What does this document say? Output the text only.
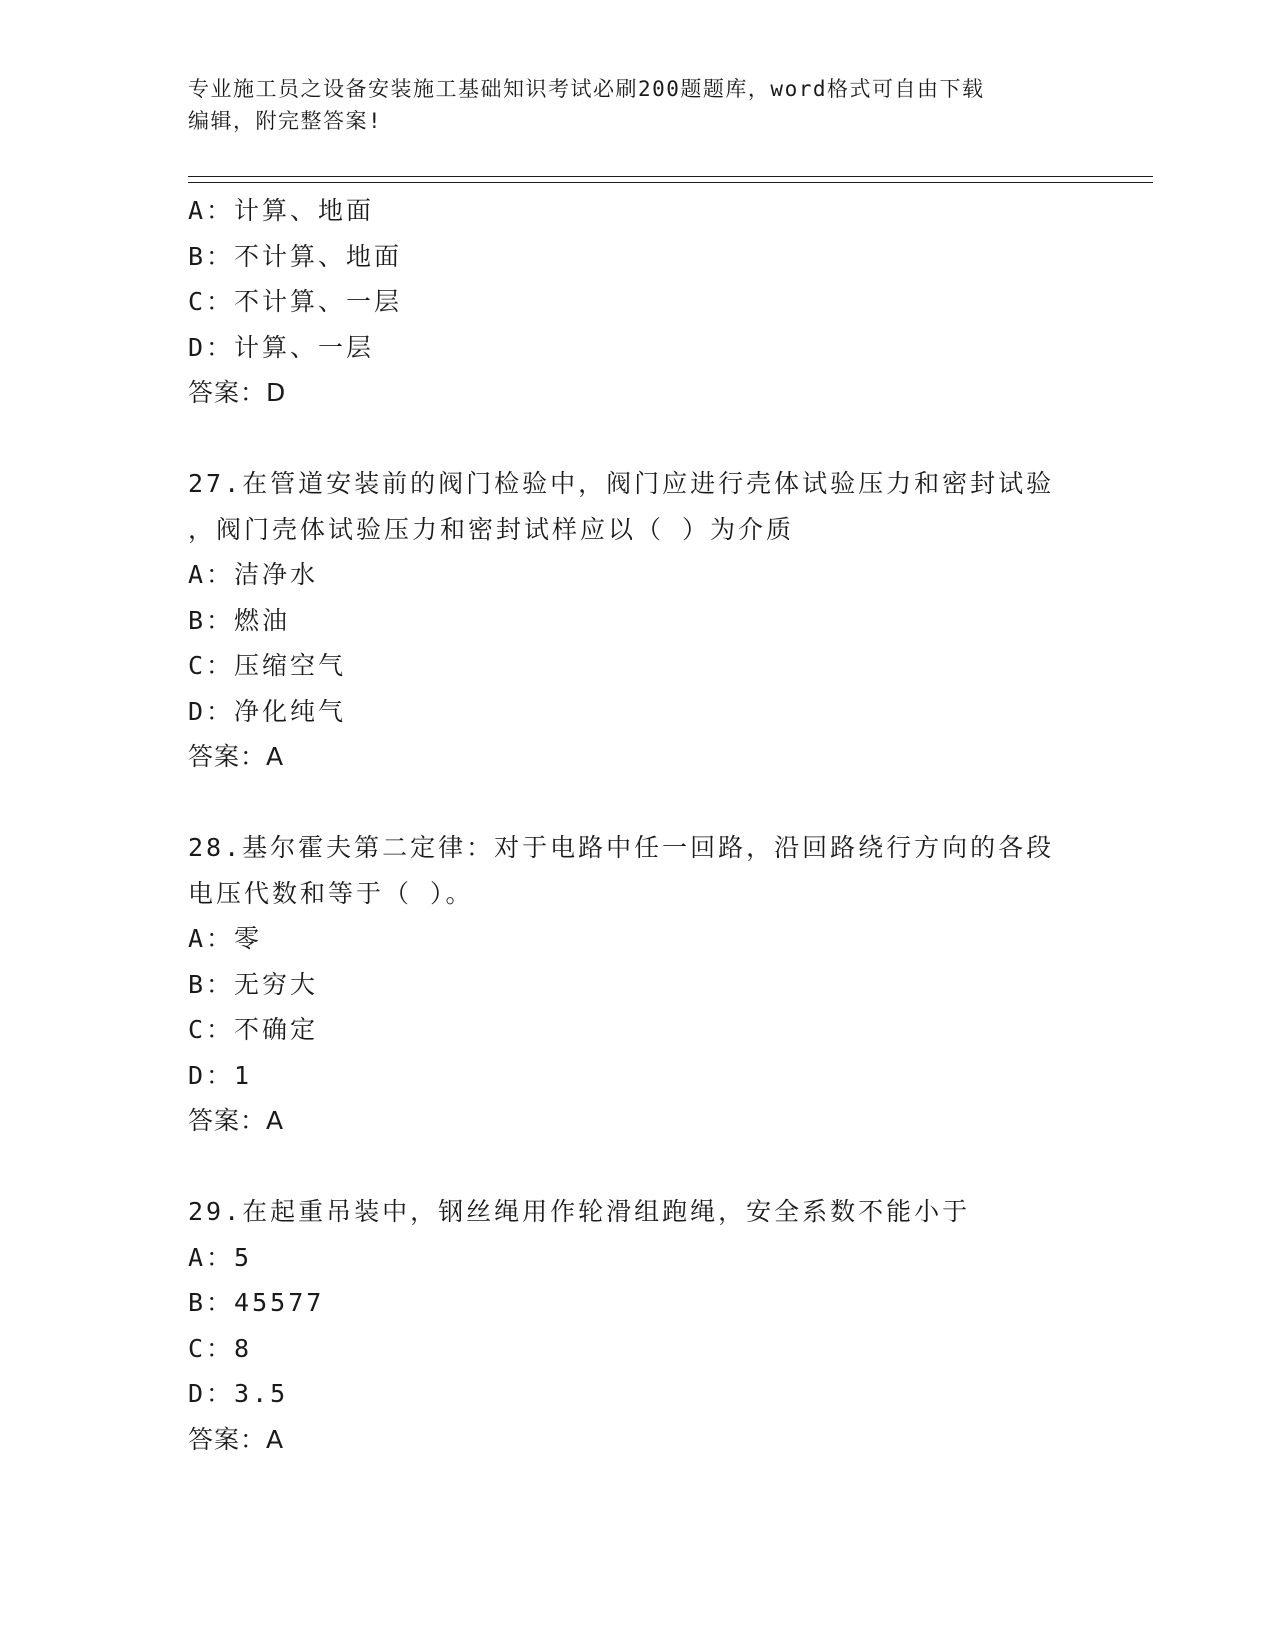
专业施工员之设备安装施工基础知识考试必刷200题题库，word格式可自由下载
编辑，附完整答案!
A：计算、地面
B：不计算、地面
C：不计算、一层
D：计算、一层
答案：D
27.在管道安装前的阀门检验中，阀门应进行壳体试验压力和密封试验
，阀门壳体试验压力和密封试样应以（ ）为介质
A：洁净水
B：燃油
C：压缩空气
D：净化纯气
答案：A
28.基尔霍夫第二定律：对于电路中任一回路，沿回路绕行方向的各段
电压代数和等于（ ）。
A：零
B：无穷大
C：不确定
D：1
答案：A
29.在起重吊装中，钢丝绳用作轮滑组跑绳，安全系数不能小于
A：5
B：45577
C：8
D：3.5
答案：A
